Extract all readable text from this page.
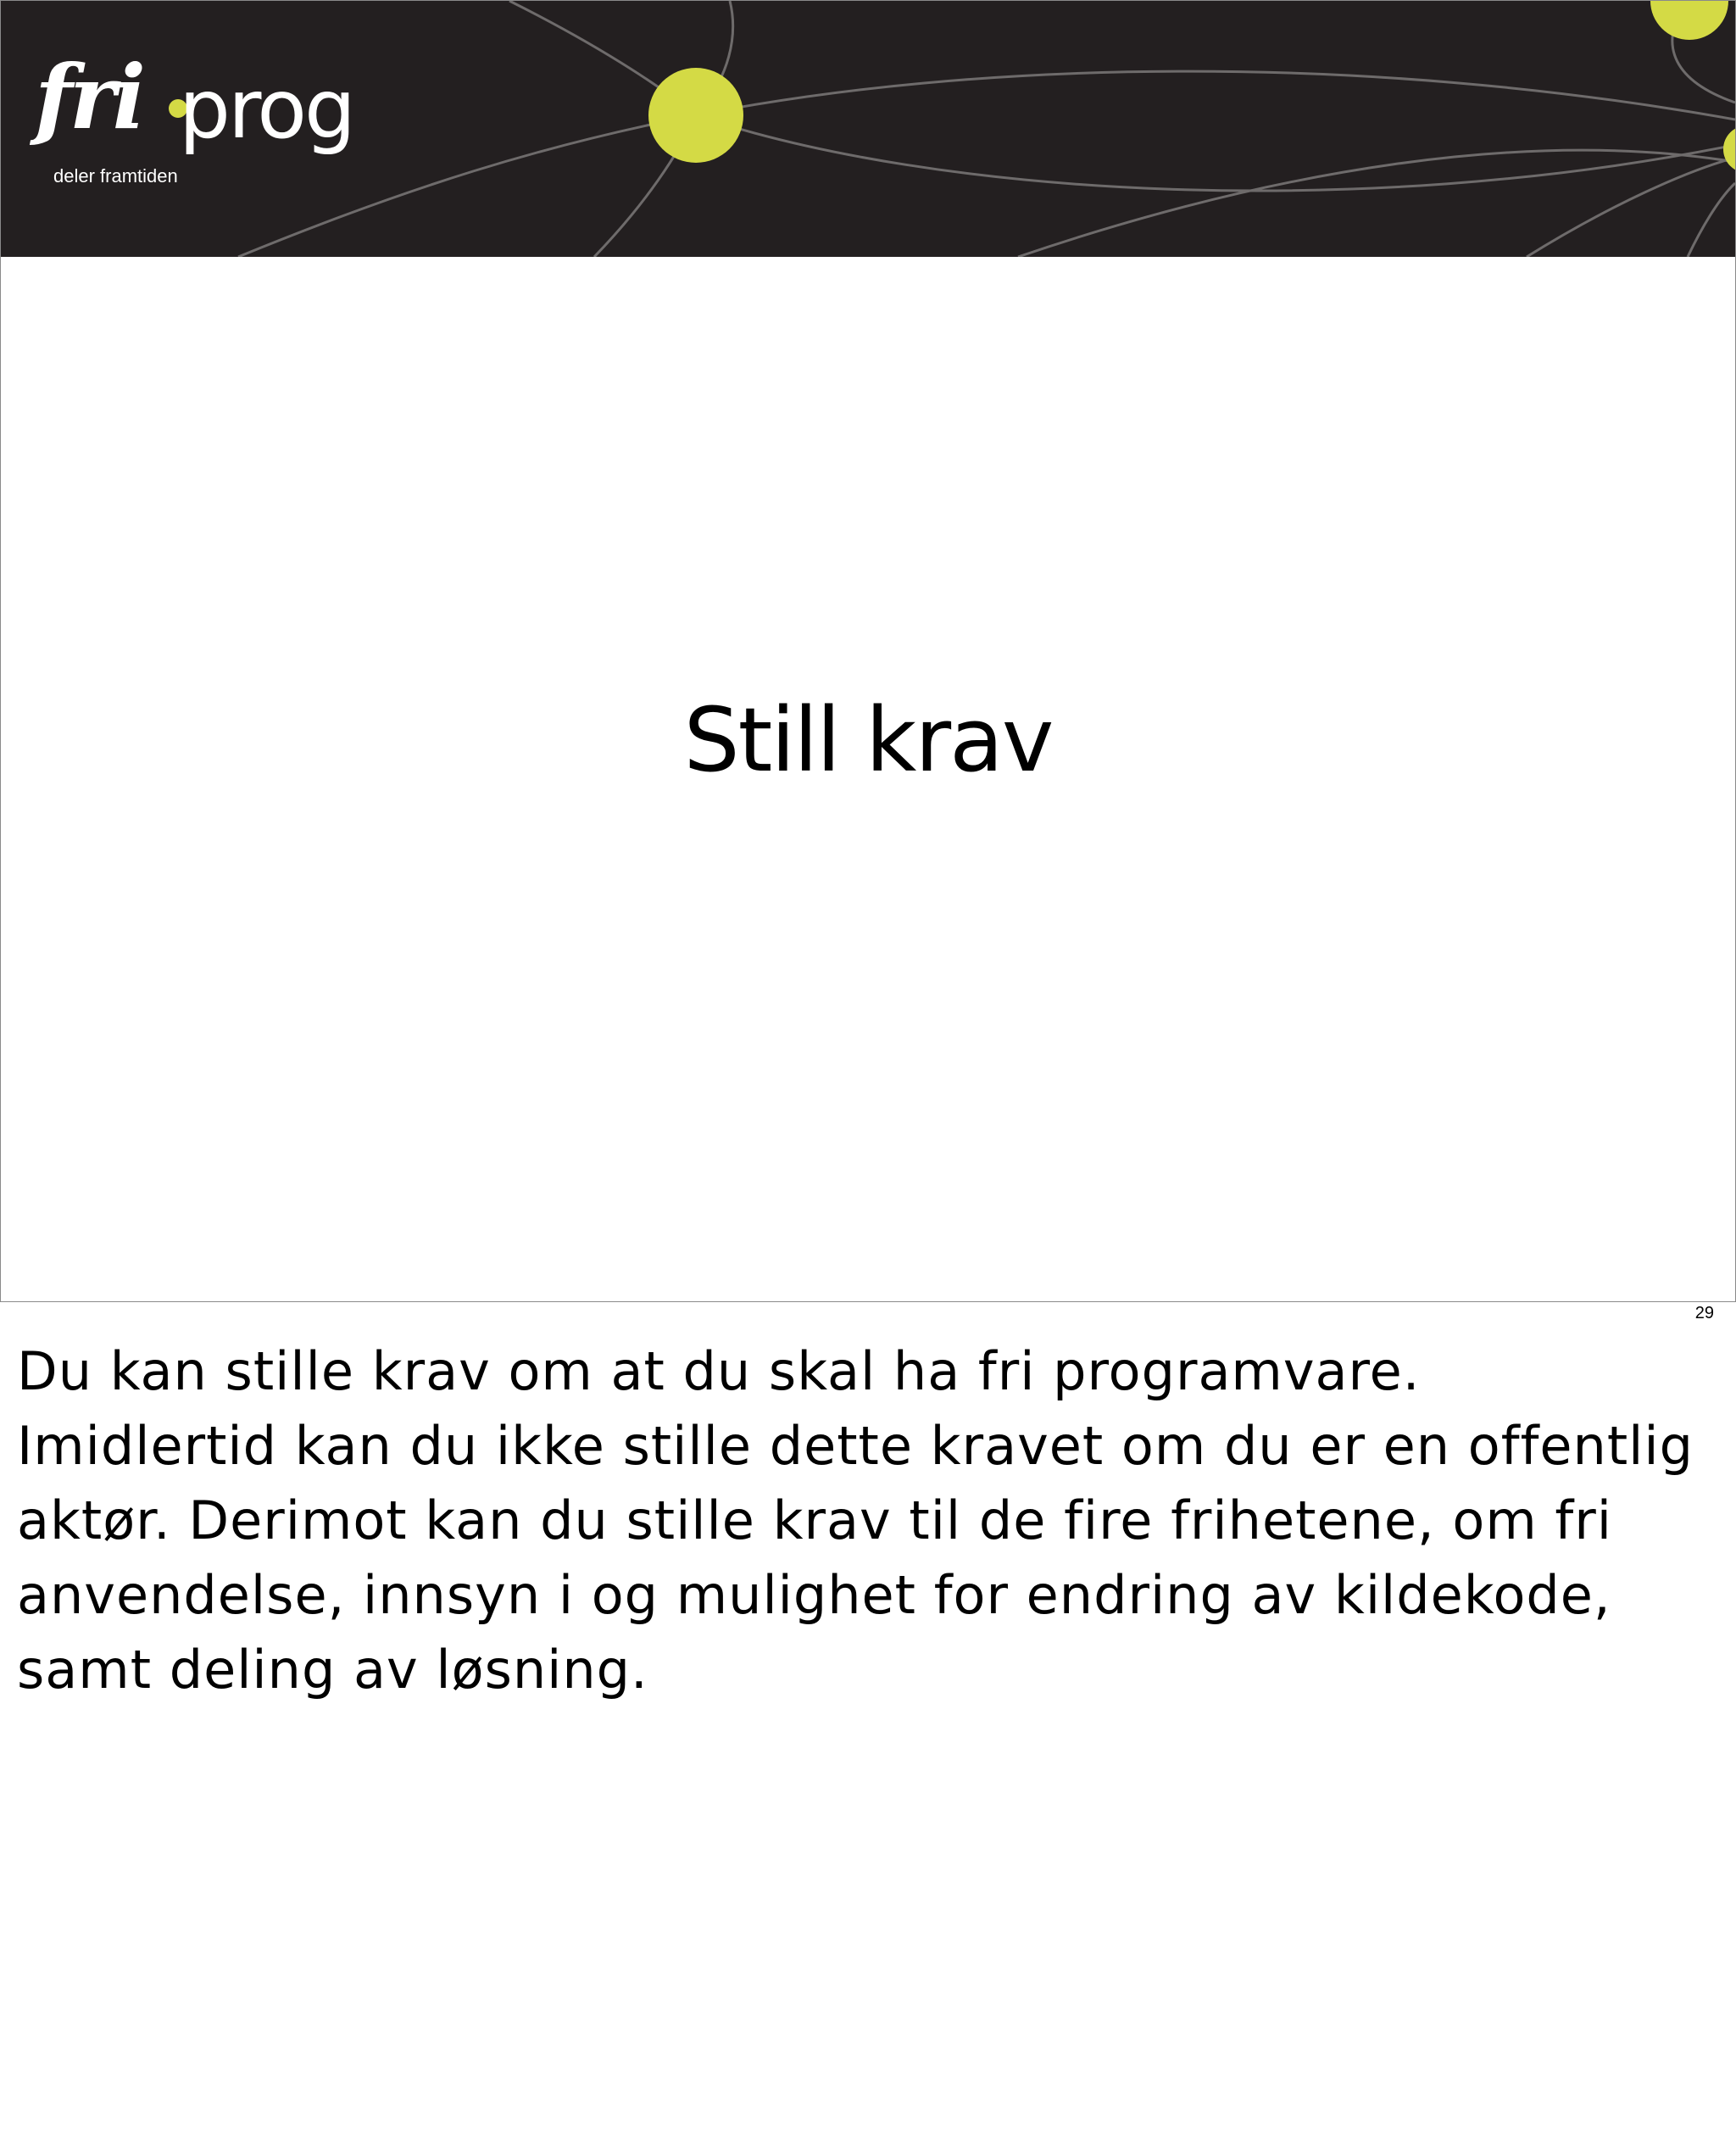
fri prog
deler framtiden
Still krav
29

Du kan stille krav om at du skal ha fri programvare. Imidlertid kan du ikke stille dette kravet om du er en offentlig aktør. Derimot kan du stille krav til de fire frihetene, om fri anvendelse, innsyn i og mulighet for endring av kildekode, samt deling av løsning.
